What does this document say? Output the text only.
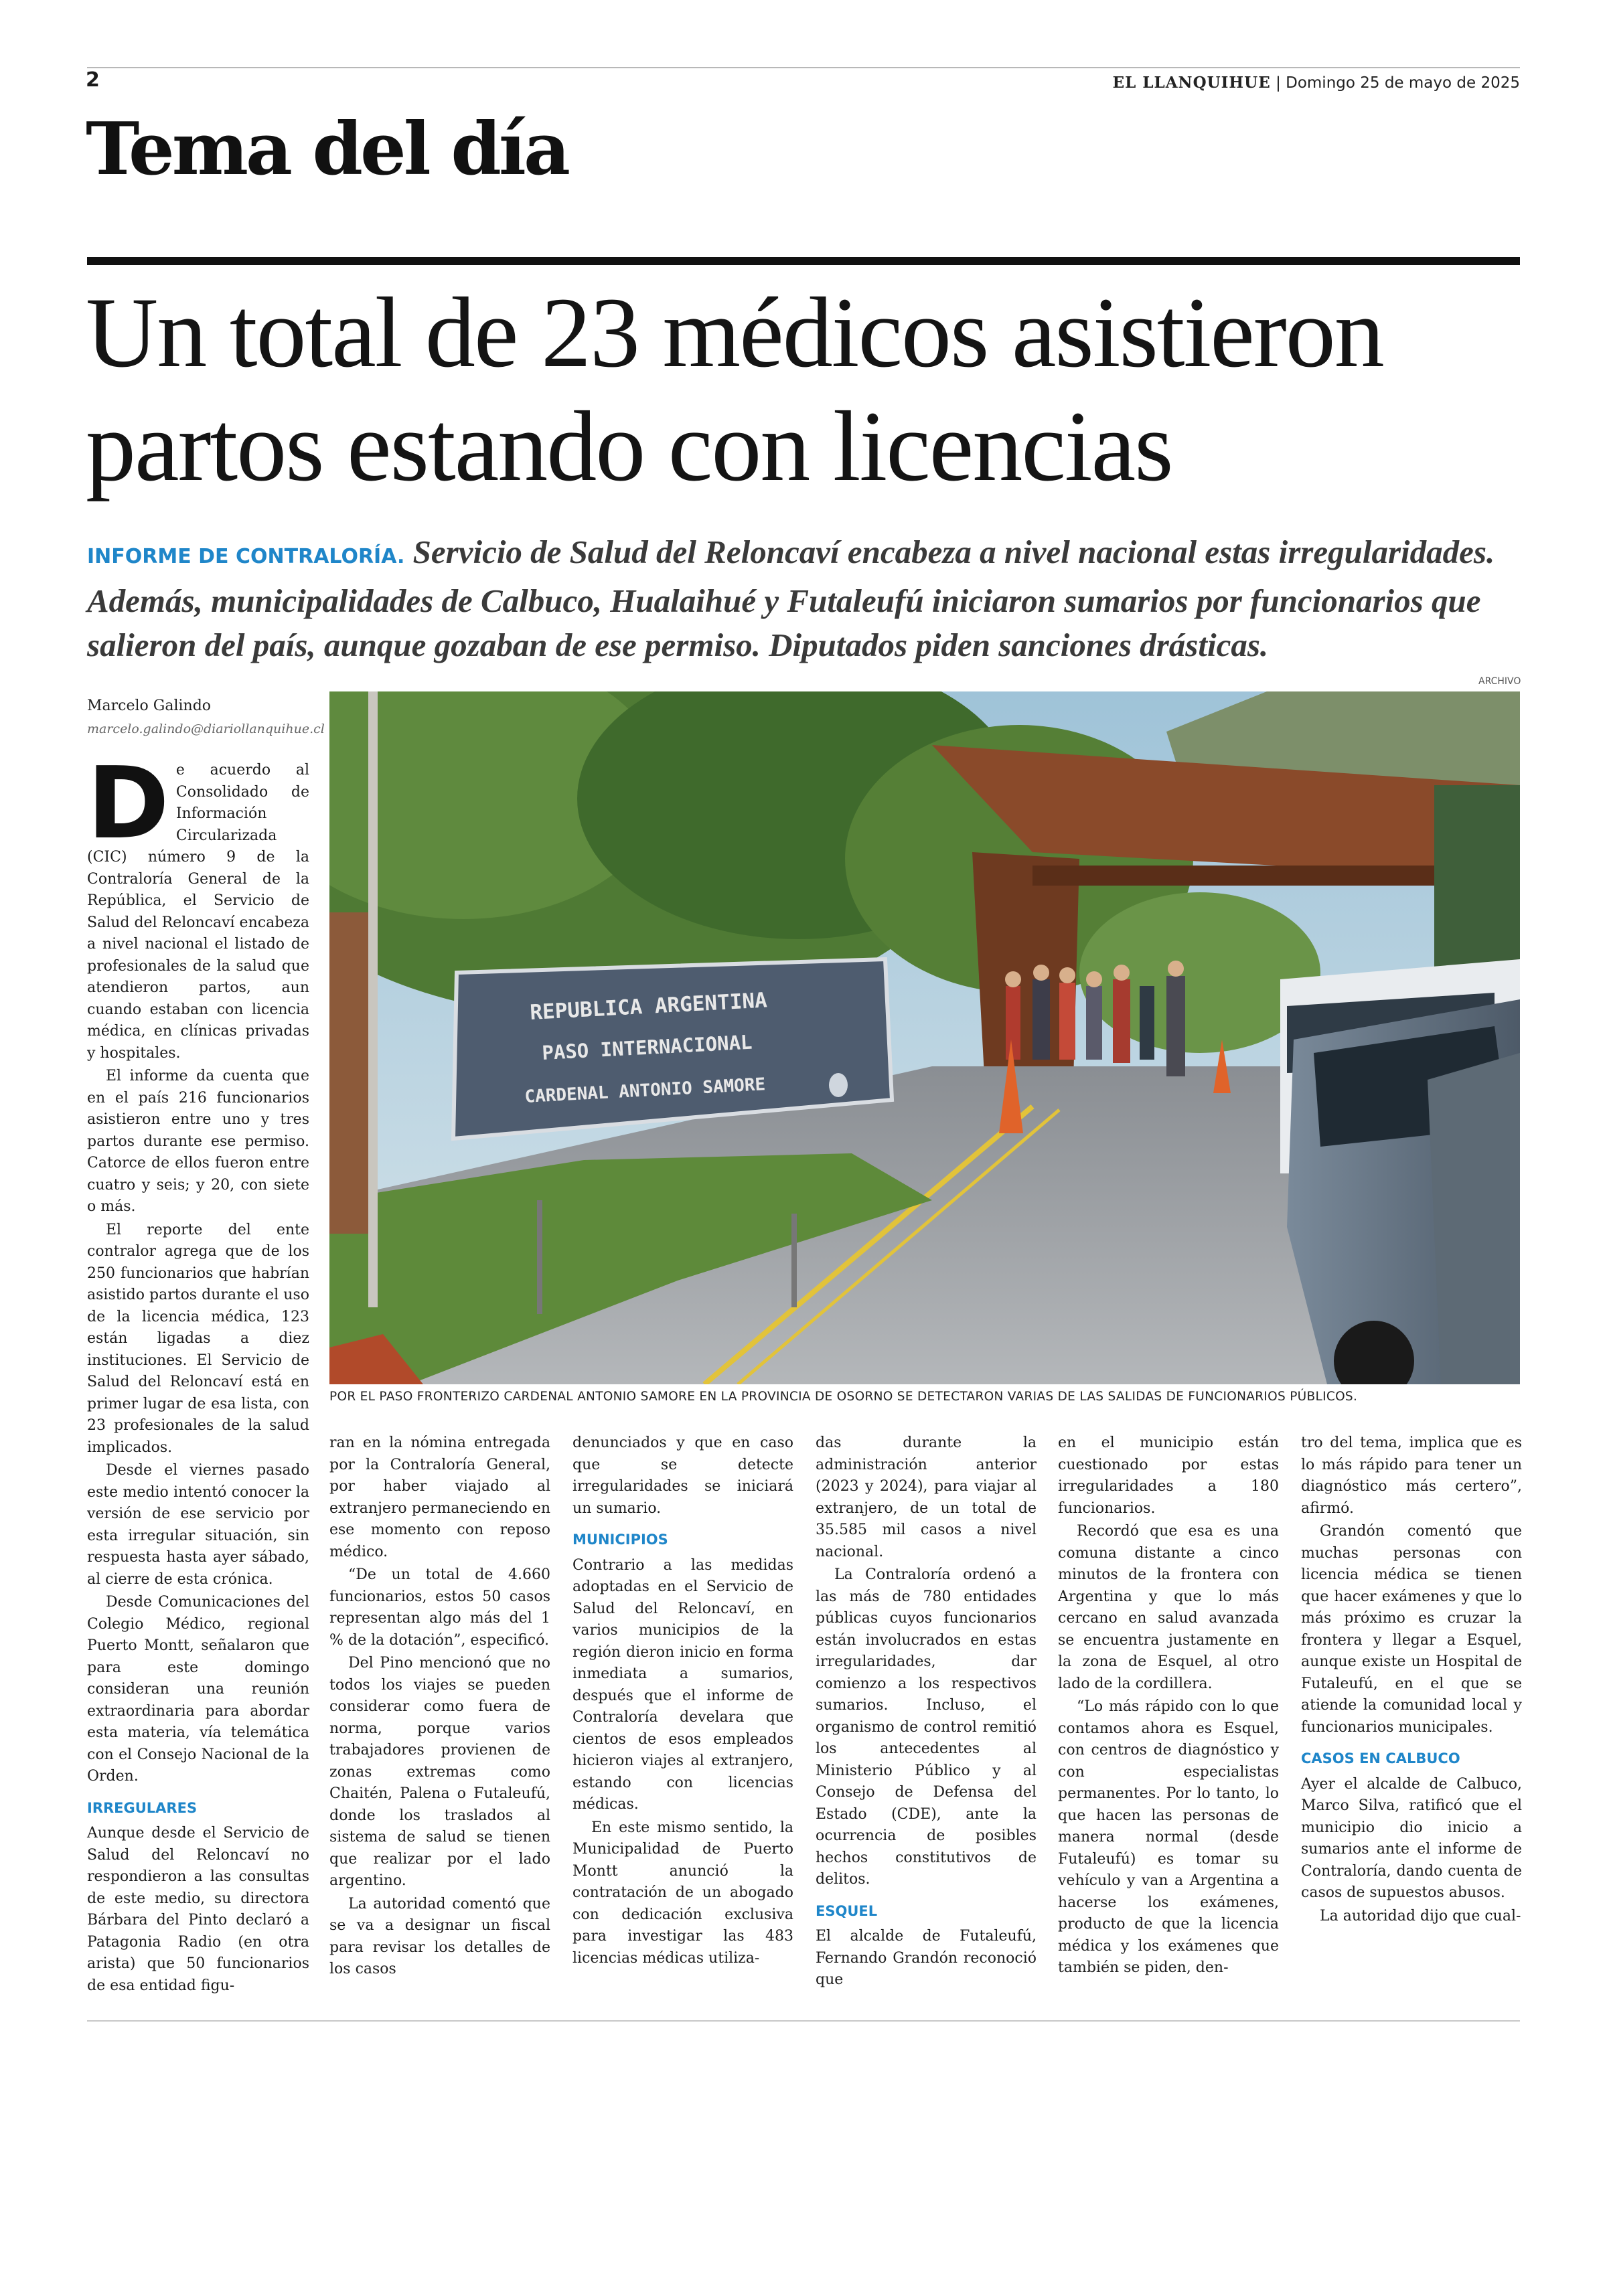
2	EL LLANQUIHUE | Domingo 25 de mayo de 2025
Tema del día
Un total de 23 médicos asistieron
partos estando con licencias
INFORME DE CONTRALORÍA. Servicio de Salud del Reloncaví encabeza a nivel nacional estas irregularidades. Además, municipalidades de Calbuco, Hualaihué y Futaleufú iniciaron sumarios por funcionarios que salieron del país, aunque gozaban de ese permiso. Diputados piden sanciones drásticas.
Marcelo Galindo
marcelo.galindo@diariollanquihue.cl
ARCHIVO
REPUBLICA ARGENTINA
PASO INTERNACIONAL
CARDENAL ANTONIO SAMORE
POR EL PASO FRONTERIZO CARDENAL ANTONIO SAMORE EN LA PROVINCIA DE OSORNO SE DETECTARON VARIAS DE LAS SALIDAS DE FUNCIONARIOS PÚBLICOS.

De acuerdo al Consolidado de Información Circularizada (CIC) número 9 de la Contraloría General de la República, el Servicio de Salud del Reloncaví encabeza a nivel nacional el listado de profesionales de la salud que atendieron partos, aun cuando estaban con licencia médica, en clínicas privadas y hospitales.

El informe da cuenta que en el país 216 funcionarios asistieron entre uno y tres partos durante ese permiso. Catorce de ellos fueron entre cuatro y seis; y 20, con siete o más.

El reporte del ente contralor agrega que de los 250 funcionarios que habrían asistido partos durante el uso de la licencia médica, 123 están ligadas a diez instituciones. El Servicio de Salud del Reloncaví está en primer lugar de esa lista, con 23 profesionales de la salud implicados.

Desde el viernes pasado este medio intentó conocer la versión de ese servicio por esta irregular situación, sin respuesta hasta ayer sábado, al cierre de esta crónica.

Desde Comunicaciones del Colegio Médico, regional Puerto Montt, señalaron que para este domingo consideran una reunión extraordinaria para abordar esta materia, vía telemática con el Consejo Nacional de la Orden.

IRREGULARES

Aunque desde el Servicio de Salud del Reloncaví no respondieron a las consultas de este medio, su directora Bárbara del Pinto declaró a Patagonia Radio (en otra arista) que 50 funcionarios de esa entidad figu-

ran en la nómina entregada por la Contraloría General, por haber viajado al extranjero permaneciendo en ese momento con reposo médico.

“De un total de 4.660 funcionarios, estos 50 casos representan algo más del 1 % de la dotación”, especificó.

Del Pino mencionó que no todos los viajes se pueden considerar como fuera de norma, porque varios trabajadores provienen de zonas extremas como Chaitén, Palena o Futaleufú, donde los traslados al sistema de salud se tienen que realizar por el lado argentino.

La autoridad comentó que se va a designar un fiscal para revisar los detalles de los casos

denunciados y que en caso que se detecte irregularidades se iniciará un sumario.

MUNICIPIOS

Contrario a las medidas adoptadas en el Servicio de Salud del Reloncaví, en varios municipios de la región dieron inicio en forma inmediata a sumarios, después que el informe de Contraloría develara que cientos de esos empleados hicieron viajes al extranjero, estando con licencias médicas.

En este mismo sentido, la Municipalidad de Puerto Montt anunció la contratación de un abogado con dedicación exclusiva para investigar las 483 licencias médicas utiliza-

das durante la administración anterior (2023 y 2024), para viajar al extranjero, de un total de 35.585 mil casos a nivel nacional.

La Contraloría ordenó a las más de 780 entidades públicas cuyos funcionarios están involucrados en estas irregularidades, dar comienzo a los respectivos sumarios. Incluso, el organismo de control remitió los antecedentes al Ministerio Público y al Consejo de Defensa del Estado (CDE), ante la ocurrencia de posibles hechos constitutivos de delitos.

ESQUEL

El alcalde de Futaleufú, Fernando Grandón reconoció que

en el municipio están cuestionado por estas irregularidades a 180 funcionarios.

Recordó que esa es una comuna distante a cinco minutos de la frontera con Argentina y que lo más cercano en salud avanzada se encuentra justamente en la zona de Esquel, al otro lado de la cordillera.

“Lo más rápido con lo que contamos ahora es Esquel, con centros de diagnóstico y con especialistas permanentes. Por lo tanto, lo que hacen las personas de manera normal (desde Futaleufú) es tomar su vehículo y van a Argentina a hacerse los exámenes, producto de que la licencia médica y los exámenes que también se piden, den-

tro del tema, implica que es lo más rápido para tener un diagnóstico más certero”, afirmó.

Grandón comentó que muchas personas con licencia médica se tienen que hacer exámenes y que lo más próximo es cruzar la frontera y llegar a Esquel, aunque existe un Hospital de Futaleufú, en el que se atiende la comunidad local y funcionarios municipales.

CASOS EN CALBUCO

Ayer el alcalde de Calbuco, Marco Silva, ratificó que el municipio dio inicio a sumarios ante el informe de Contraloría, dando cuenta de casos de supuestos abusos.

La autoridad dijo que cual-
